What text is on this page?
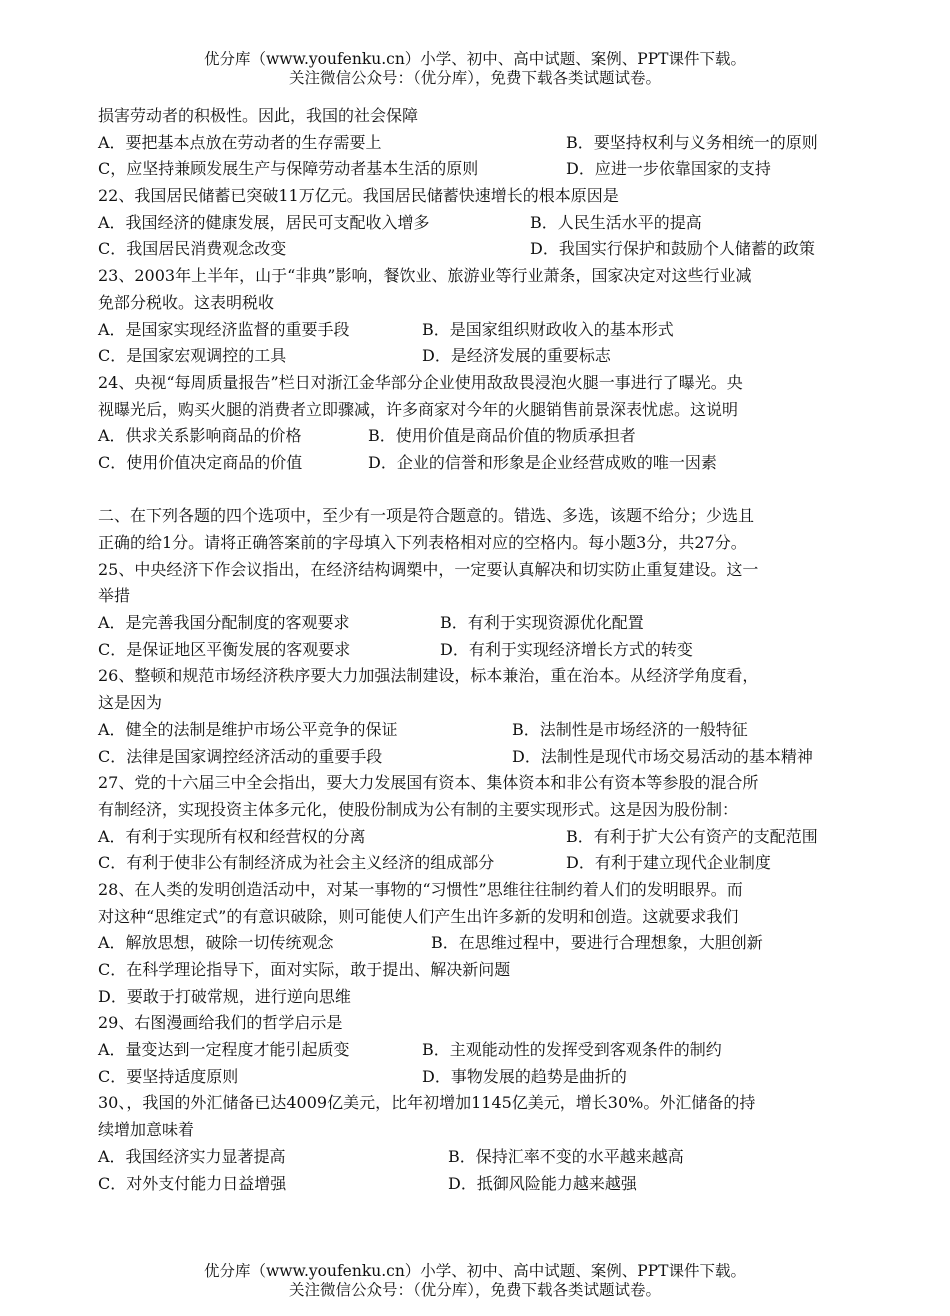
优分库（www.youfenku.cn）小学、初中、高中试题、案例、PPT课件下载。
关注微信公众号：（优分库），免费下载各类试题试卷。
损害劳动者的积极性。因此，我国的社会保障
A．要把基本点放在劳动者的生存需要上	B．要坚持权利与义务相统一的原则
C，应坚持兼顾发展生产与保障劳动者基本生活的原则	D．应进一步依靠国家的支持
22、我国居民储蓄已突破11万亿元。我国居民储蓄快速增长的根本原因是
A．我国经济的健康发展，居民可支配收入增多	B．人民生活水平的提高
C．我国居民消费观念改变	D．我国实行保护和鼓励个人储蓄的政策
23、2003年上半年，山于“非典”影响，餐饮业、旅游业等行业萧条，国家决定对这些行业减
免部分税收。这表明税收
A．是国家实现经济监督的重要手段	B．是国家组织财政收入的基本形式
C．是国家宏观调控的工具	D．是经济发展的重要标志
24、央视“每周质量报告”栏日对浙江金华部分企业使用敌敌畏浸泡火腿一事进行了曝光。央
视曝光后，购买火腿的消费者立即骤减，许多商家对今年的火腿销售前景深表忧虑。这说明
A．供求关系影响商品的价格	B．使用价值是商品价值的物质承担者
C．使用价值决定商品的价值	D．企业的信誉和形象是企业经营成败的唯一因素
二、在下列各题的四个选项中，至少有一项是符合题意的。错选、多选，该题不给分；少选且
正确的给1分。请将正确答案前的字母填入下列表格相对应的空格内。每小题3分，共27分。
25、中央经济下作会议指出，在经济结构调槊中，一定要认真解决和切实防止重复建设。这一
举措
A．是完善我国分配制度的客观要求	B．有利于实现资源优化配置
C．是保证地区平衡发展的客观要求	D．有利于实现经济增长方式的转变
26、整顿和规范市场经济秩序要大力加强法制建设，标本兼治，重在治本。从经济学角度看，
这是因为
A．健全的法制是维护市场公平竞争的保证	B．法制性是市场经济的一般特征
C．法律是国家调控经济活动的重要手段	D．法制性是现代市场交易活动的基本精神
27、党的十六届三中全会指出，要大力发展国有资本、集体资本和非公有资本等参股的混合所
有制经济，实现投资主体多元化，使股份制成为公有制的主要实现形式。这是因为股份制：
A．有利于实现所有权和经营权的分离	B．有利于扩大公有资产的支配范围
C．有利于使非公有制经济成为社会主义经济的组成部分	D．有利于建立现代企业制度
28、在人类的发明创造活动中，对某一事物的“习惯性”思维往往制约着人们的发明眼界。而
对这种“思维定式”的有意识破除，则可能使人们产生出许多新的发明和创造。这就要求我们
A．解放思想，破除一切传统观念	B．在思维过程中，要进行合理想象，大胆创新
C．在科学理论指导下，面对实际，敢于提出、解决新问题
D．要敢于打破常规，进行逆向思维
29、右图漫画给我们的哲学启示是
A．量变达到一定程度才能引起质变	B．主观能动性的发挥受到客观条件的制约
C．要坚持适度原则	D．事物发展的趋势是曲折的
30、，我国的外汇储备已达4009亿美元，比年初增加1145亿美元，增长30%。外汇储备的持
续增加意味着
A．我国经济实力显著提高	B．保持汇率不变的水平越来越高
C．对外支付能力日益增强	D．抵御风险能力越来越强
优分库（www.youfenku.cn）小学、初中、高中试题、案例、PPT课件下载。
关注微信公众号：（优分库），免费下载各类试题试卷。
